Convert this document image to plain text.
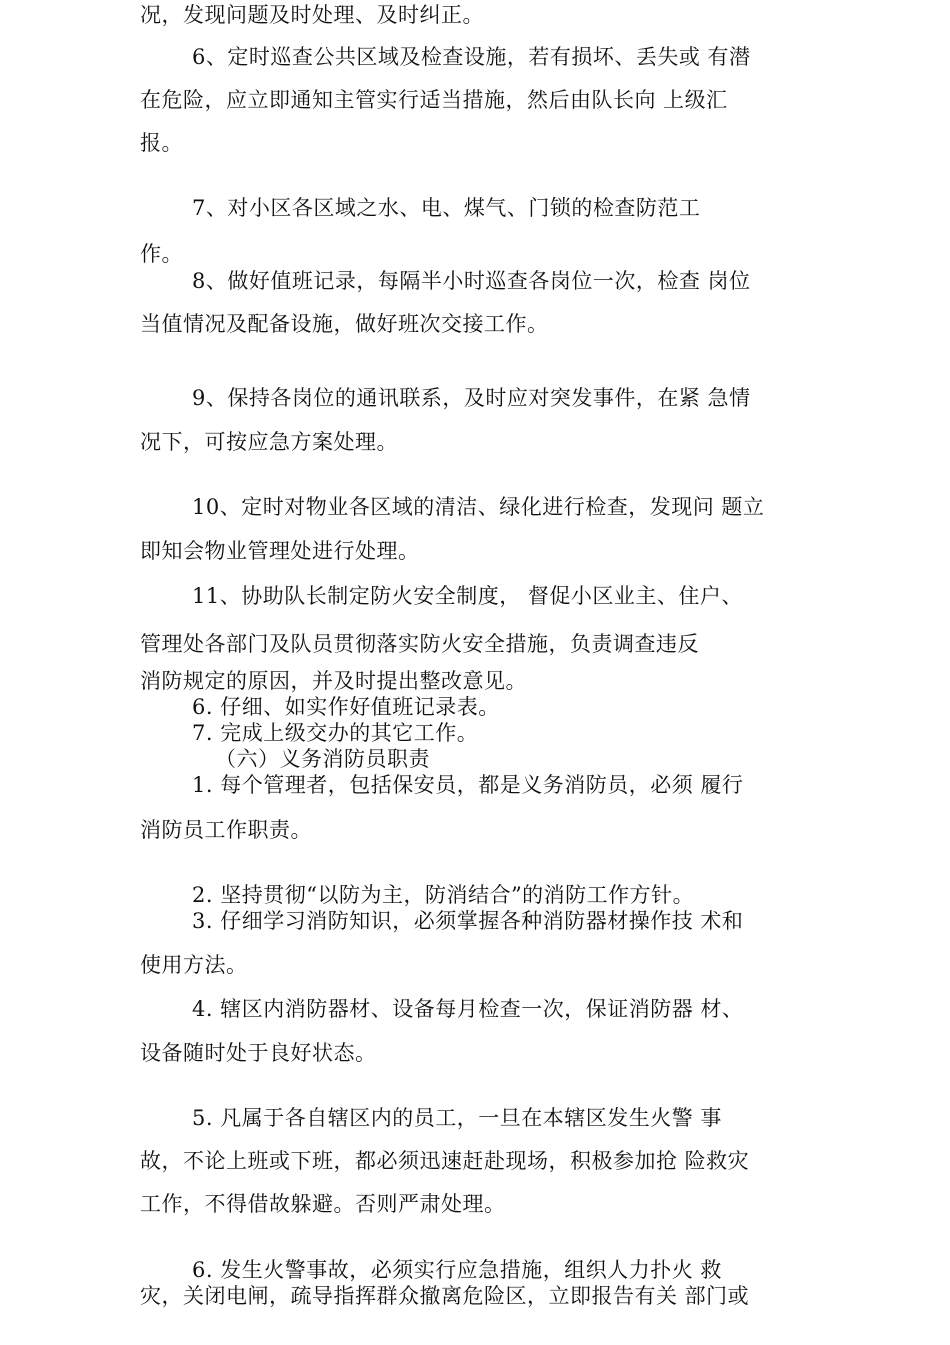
况，发现问题及时处理、及时纠正。
6、定时巡查公共区域及检查设施，若有损坏、丢失或 有潜
在危险，应立即通知主管实行适当措施，然后由队长向 上级汇
报。
7、对小区各区域之水、电、煤气、门锁的检查防范工
作。
8、做好值班记录，每隔半小时巡查各岗位一次，检查 岗位
当值情况及配备设施，做好班次交接工作。
9、保持各岗位的通讯联系，及时应对突发事件，在紧 急情
况下，可按应急方案处理。
10、定时对物业各区域的清洁、绿化进行检查，发现问 题立
即知会物业管理处进行处理。
11、协助队长制定防火安全制度， 督促小区业主、住户、
管理处各部门及队员贯彻落实防火安全措施，负责调查违反
消防规定的原因，并及时提出整改意见。
6. 仔细、如实作好值班记录表。
7. 完成上级交办的其它工作。
（六）义务消防员职责
1. 每个管理者，包括保安员，都是义务消防员，必须 履行
消防员工作职责。
2. 坚持贯彻“以防为主，防消结合”的消防工作方针。
3. 仔细学习消防知识，必须掌握各种消防器材操作技 术和
使用方法。
4. 辖区内消防器材、设备每月检查一次，保证消防器 材、
设备随时处于良好状态。
5. 凡属于各自辖区内的员工，一旦在本辖区发生火警 事
故，不论上班或下班，都必须迅速赶赴现场，积极参加抢 险救灾
工作，不得借故躲避。否则严肃处理。
6. 发生火警事故，必须实行应急措施，组织人力扑火 救
灾，关闭电闸，疏导指挥群众撤离危险区，立即报告有关 部门或
